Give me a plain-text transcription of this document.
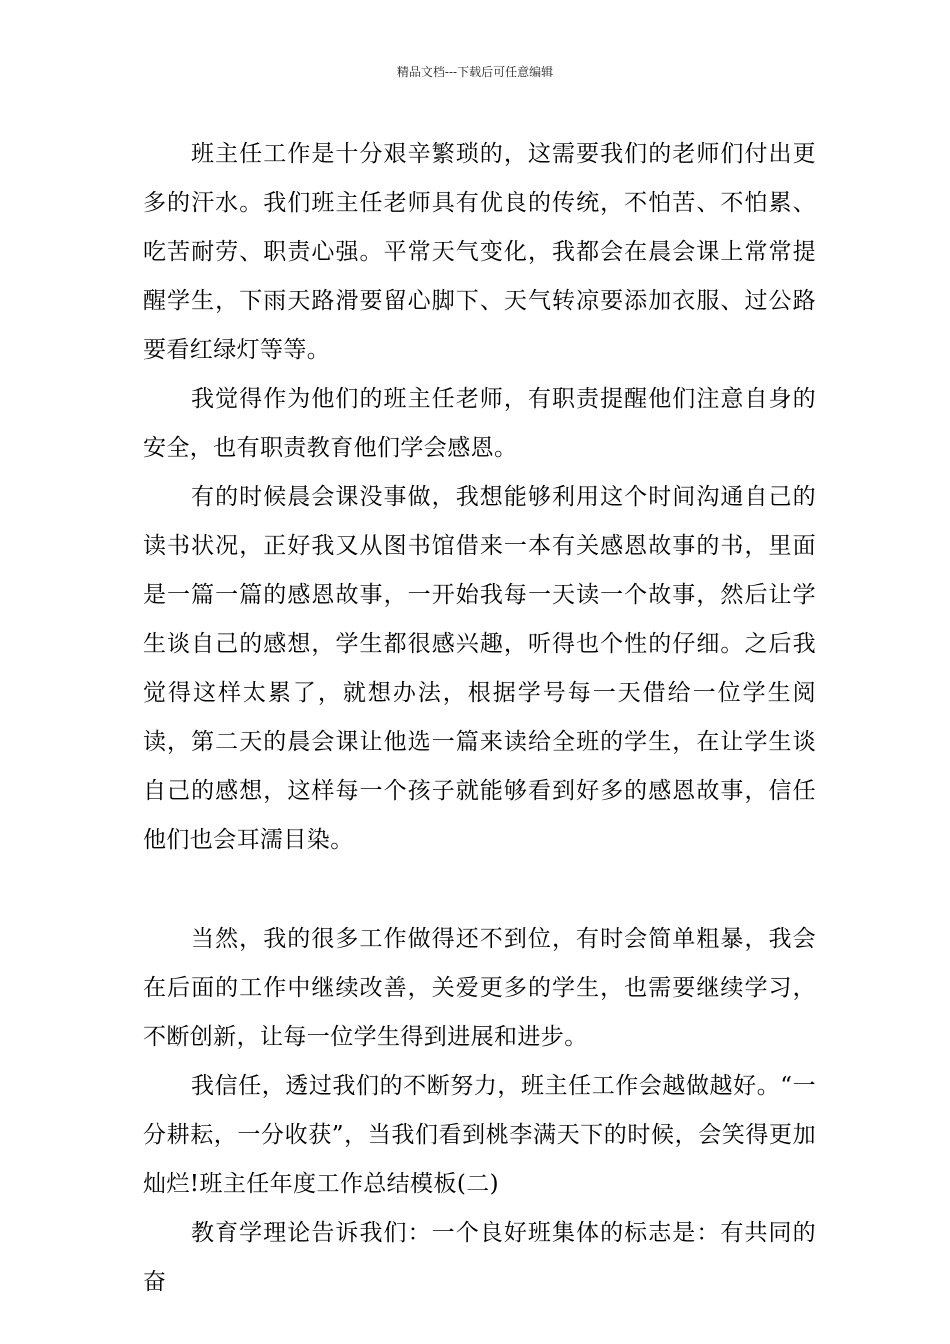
精品文档---下载后可任意编辑

班主任工作是十分艰辛繁琐的，这需要我们的老师们付出更多的汗水。我们班主任老师具有优良的传统，不怕苦、不怕累、吃苦耐劳、职责心强。平常天气变化，我都会在晨会课上常常提醒学生，下雨天路滑要留心脚下、天气转凉要添加衣服、过公路要看红绿灯等等。

我觉得作为他们的班主任老师，有职责提醒他们注意自身的安全，也有职责教育他们学会感恩。

有的时候晨会课没事做，我想能够利用这个时间沟通自己的读书状况，正好我又从图书馆借来一本有关感恩故事的书，里面是一篇一篇的感恩故事，一开始我每一天读一个故事，然后让学生谈自己的感想，学生都很感兴趣，听得也个性的仔细。之后我觉得这样太累了，就想办法，根据学号每一天借给一位学生阅读，第二天的晨会课让他选一篇来读给全班的学生，在让学生谈自己的感想，这样每一个孩子就能够看到好多的感恩故事，信任他们也会耳濡目染。

当然，我的很多工作做得还不到位，有时会简单粗暴，我会在后面的工作中继续改善，关爱更多的学生，也需要继续学习，不断创新，让每一位学生得到进展和进步。

我信任，透过我们的不断努力，班主任工作会越做越好。“一分耕耘，一分收获”，当我们看到桃李满天下的时候，会笑得更加灿烂!班主任年度工作总结模板(二)

教育学理论告诉我们：一个良好班集体的标志是：有共同的奋
